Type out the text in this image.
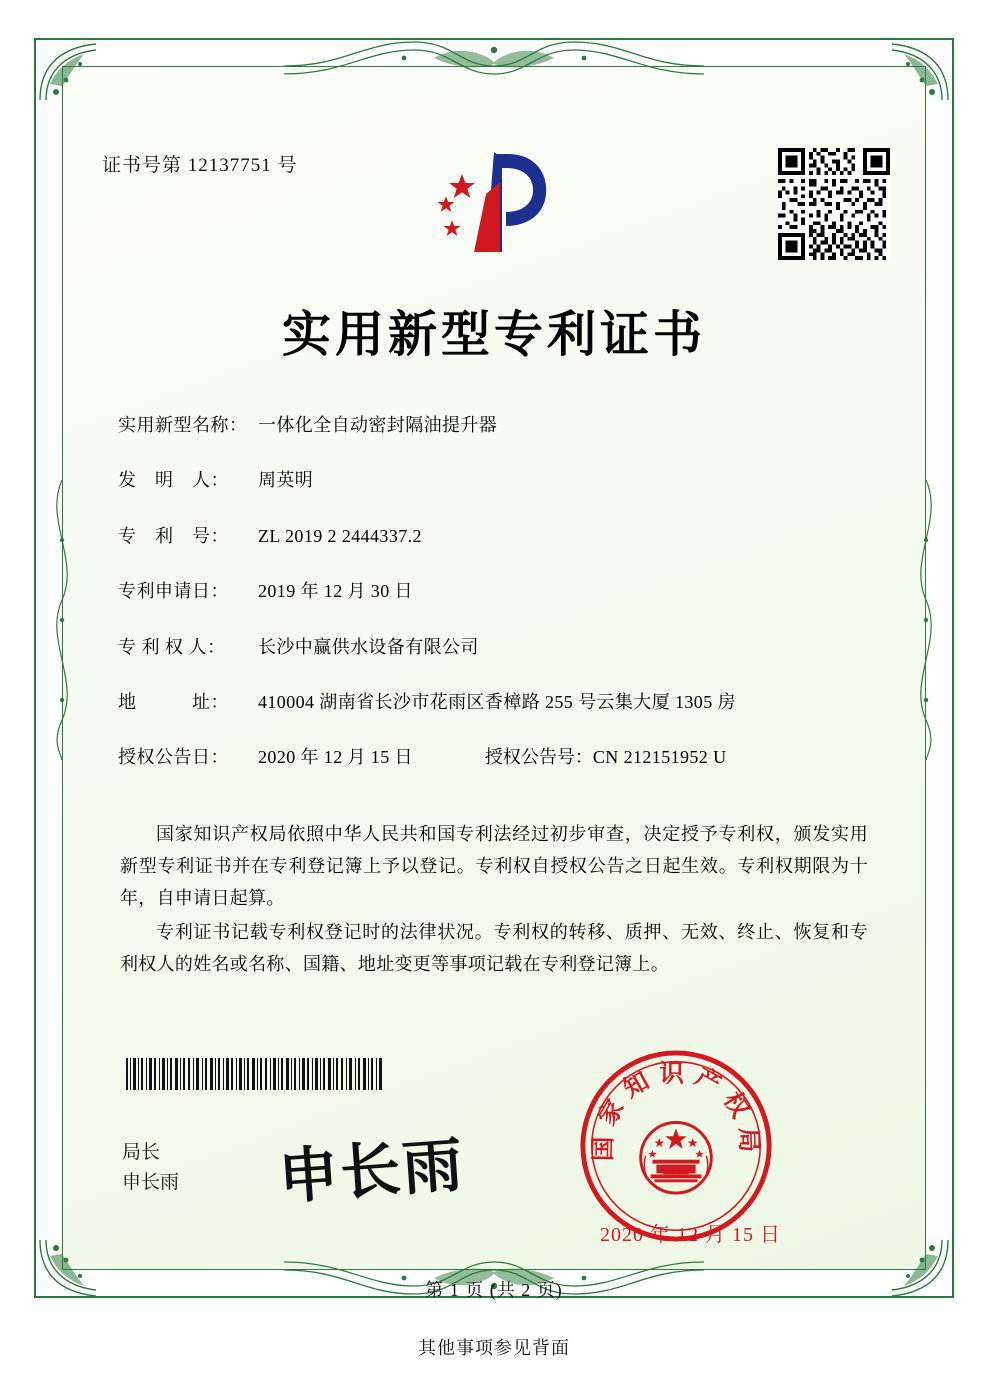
证书号第 12137751 号
实用新型专利证书
实用新型名称： 一体化全自动密封隔油提升器
发　明　人：	周英明
专　利　号：	ZL 2019 2 2444337.2
专利申请日：	2019 年 12 月 30 日
专 利 权 人：	长沙中赢供水设备有限公司
地　　　址：	410004 湖南省长沙市花雨区香樟路 255 号云集大厦 1305 房
授权公告日：	2020 年 12 月 15 日	授权公告号： CN 212151952 U

国家知识产权局依照中华人民共和国专利法经过初步审查，决定授予专利权，颁发实用新型专利证书并在专利登记簿上予以登记。专利权自授权公告之日起生效。专利权期限为十年，自申请日起算。

专利证书记载专利权登记时的法律状况。专利权的转移、质押、无效、终止、恢复和专利权人的姓名或名称、国籍、地址变更等事项记载在专利登记簿上。

局长
申长雨 申长雨	国家知识产权局
2020 年 12 月 15 日
第 1 页 (共 2 页)
其他事项参见背面
